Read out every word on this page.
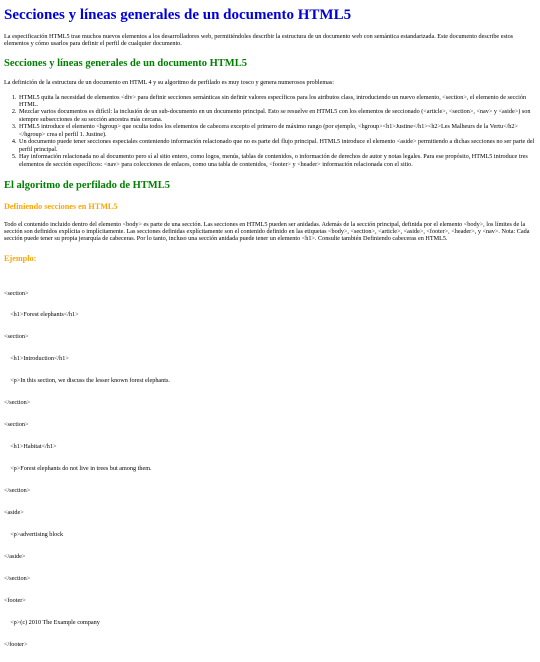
Secciones y líneas generales de un documento HTML5

La especificación HTML5 trae muchos nuevos elementos a los desarrolladores web, permitiéndoles describir la estructura de un documento web con semántica estandarizada. Este documento describe estos elementos y cómo usarlos para definir el perfil de cualquier documento.

Secciones y líneas generales de un documento HTML5

La definición de la estructura de un documento en HTML 4 y su algoritmo de perfilado es muy tosco y genera numerosos problemas:

1. HTML5 quita la necesidad de elementos <div> para definir secciones semánticas sin definir valores específicos para los atributos class, introduciendo un nuevo elemento, <section>, el elemento de sección HTML.
2. Mezclar varios documentos es difícil: la inclusión de un sub-documento en un documento principal. Esto se resuelve en HTML5 con los elementos de seccionado (<article>, <section>, <nav> y <aside>) son siempre subsecciones de su sección ancestra más cercana.
3. HTML5 introduce el elemento <hgroup> que oculta todos los elementos de cabecera excepto el primero de máximo rango (por ejemplo, <hgroup><h1>Justine</h1><h2>Les Malheurs de la Vertu</h2></hgroup> crea el perfil 1. Justine).
4. Un documento puede tener secciones especiales conteniendo información relacionado que no es parte del flujo principal. HTML5 introduce el elemento <aside> permitiendo a dichas secciones no ser parte del perfil principal.
5. Hay información relacionada no al documento pero sí al sitio entero, como logos, menús, tablas de contenidos, o información de derechos de autor y notas legales. Para ese propósito, HTML5 introduce tres elementos de sección específicos: <nav> para colecciones de enlaces, como una tabla de contenidos, <footer> y <header> información relacionada con el sitio.
El algoritmo de perfilado de HTML5
Definiendo secciones en HTML5

Todo el contenido incluido dentro del elemento <body> es parte de una sección. Las secciones en HTML5 pueden ser anidadas. Además de la sección principal, definida por el elemento <body>, los límites de la sección son definidos explícita o implícitamente. Las secciones definidas explícitamente son el contenido definido en las etiquetas <body>, <section>, <article>, <aside>, <footer>, <header>, y <nav>. Nota: Cada sección puede tener su propia jerarquía de cabeceras. Por lo tanto, incluso una sección anidada puede tener un elemento <h1>. Consulte también Definiendo cabeceras en HTML5.

Ejemplo:

<section>

<h1>Forest elephants</h1>

<section>

<h1>Introduction</h1>

<p>In this section, we discuss the lesser known forest elephants.

</section>

<section>

<h1>Habitat</h1>

<p>Forest elephants do not live in trees but among them.

</section>

<aside>

<p>advertising block

</aside>

</section>

<footer>

<p>(c) 2010 The Example company

</footer>
